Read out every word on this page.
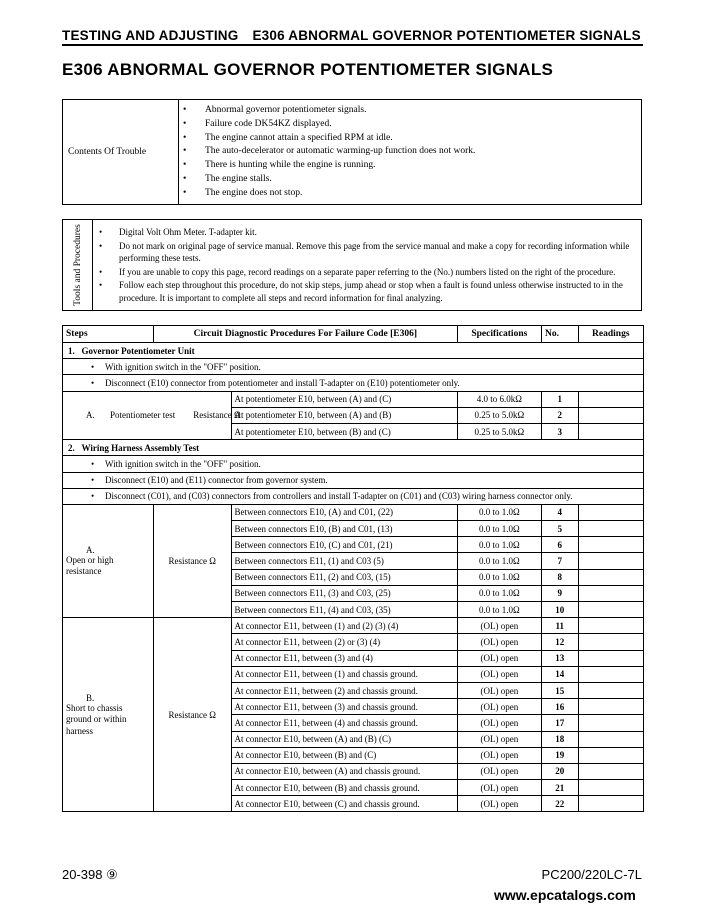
TESTING AND ADJUSTING E306 ABNORMAL GOVERNOR POTENTIOMETER SIGNALS
E306 ABNORMAL GOVERNOR POTENTIOMETER SIGNALS
Contents Of Trouble
• Abnormal governor potentiometer signals.
• Failure code DK54KZ displayed.
• The engine cannot attain a specified RPM at idle.
• The auto-decelerator or automatic warming-up function does not work.
• There is hunting while the engine is running.
• The engine stalls.
• The engine does not stop.
Tools and Procedures	• Digital Volt Ohm Meter. T-adapter kit.
• Do not mark on original page of service manual. Remove this page from the service manual and make a copy for recording information while performing these tests.
• If you are unable to copy this page, record readings on a separate paper referring to the (No.) numbers listed on the right of the procedure.
• Follow each step throughout this procedure, do not skip steps, jump ahead or stop when a fault is found unless otherwise instructed to in the procedure. It is important to complete all steps and record information for final analyzing.
Steps	Circuit Diagnostic Procedures For Failure Code [E306]		Specifications	No.	Readings
1. Governor Potentiometer Unit					
• With ignition switch in the "OFF" position.
• Disconnect (E10) connector from potentiometer and install T-adapter on (E10) potentiometer only.
A. Potentiometer test Resistance Ω		At potentiometer E10, between (A) and (C)	4.0 to 6.0kΩ	1	
		At potentiometer E10, between (A) and (B)	0.25 to 5.0kΩ	2	
		At potentiometer E10, between (B) and (C)	0.25 to 5.0kΩ	3	
2. Wiring Harness Assembly Test					
• With ignition switch in the "OFF" position.
• Disconnect (E10) and (E11) connector from governor system.
• Disconnect (C01), and (C03) connectors from controllers and install T-adapter on (C01) and (C03) wiring harness connector only.
A.Open or high resistance	Resistance Ω	Between connectors E10, (A) and C01, (22)	0.0 to 1.0Ω	4	
		Between connectors E10, (B) and C01, (13)	0.0 to 1.0Ω	5	
		Between connectors E10, (C) and C01, (21)	0.0 to 1.0Ω	6	
		Between connectors E11, (1) and C03 (5)	0.0 to 1.0Ω	7	
		Between connectors E11, (2) and C03, (15)	0.0 to 1.0Ω	8	
		Between connectors E11, (3) and C03, (25)	0.0 to 1.0Ω	9	
		Between connectors E11, (4) and C03, (35)	0.0 to 1.0Ω	10	
B.Short to chassis ground or within harness	Resistance Ω	At connector E11, between (1) and (2) (3) (4)	(OL) open	11	
		At connector E11, between (2) or (3) (4)	(OL) open	12	
		At connector E11, between (3) and (4)	(OL) open	13	
		At connector E11, between (1) and chassis ground.	(OL) open	14	
		At connector E11, between (2) and chassis ground.	(OL) open	15	
		At connector E11, between (3) and chassis ground.	(OL) open	16	
		At connector E11, between (4) and chassis ground.	(OL) open	17	
		At connector E10, between (A) and (B) (C)	(OL) open	18	
		At connector E10, between (B) and (C)	(OL) open	19	
		At connector E10, between (A) and chassis ground.	(OL) open	20	
		At connector E10, between (B) and chassis ground.	(OL) open	21	
		At connector E10, between (C) and chassis ground.	(OL) open	22	
20-398 ⑨	PC200/220LC-7L
www.epcatalogs.com
